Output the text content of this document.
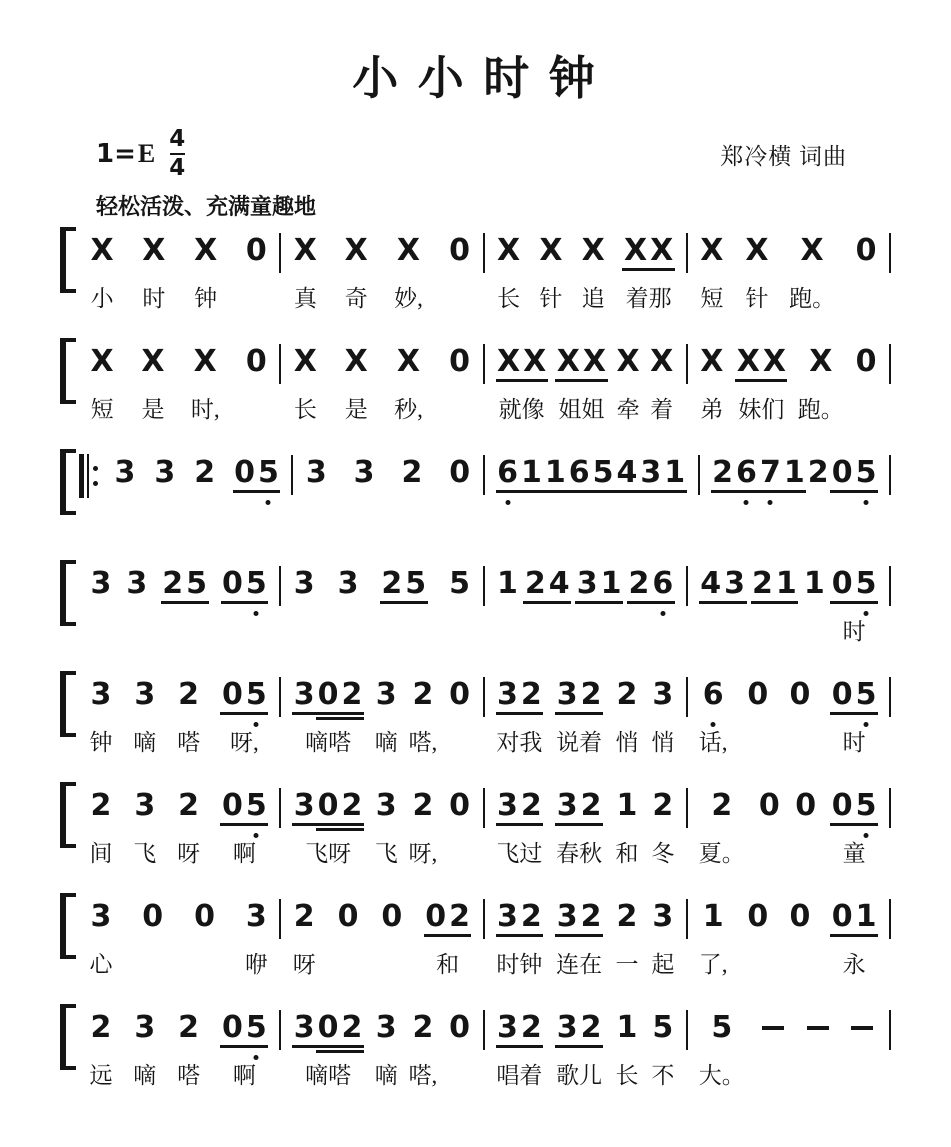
小 小 时 钟
1= E $\frac{4}{4}$	郑冷横 词曲
轻松活泼、充满童趣地
X
小
X
时
X
钟
0 X
真
X
奇
X
妙,
0 X
长
X
针
X
追
X X
着那
X
短
X
针
X
跑。
0
X
短
X
是
X
时,
0 X
长
X
是
X
秒,
0 X X
就像
X X
姐姐
X
牵
X
着
X
弟
X X
妹们
X
跑。
0
3 3 2 0 5 3 3 2 0 6 1 1 6 5 4 3 1 2 6 7 1 2 0 5
3 3 2 5 0 5 3 3 2 5 5 1 2 4 3 1 2 6 4 3 2 1 1 0 5
时
3
钟
3
嘀
2
嗒
0 5
呀,
3 0 2
嘀嗒
3
嘀
2
嗒,
0 3 2
对我
3 2
说着
2
悄
3
悄
6
话,
0 0 0 5
时
2
间
3
飞
2
呀
0 5
啊
3 0 2
飞呀
3
飞
2
呀,
0 3 2
飞过
3 2
春秋
1
和
2
冬
2
夏。
0 0 0 5
童
3
心
0 0 3
咿
2
呀
0 0 0 2
和
3 2
时钟
3 2
连在
2
一
3
起
1
了,
0 0 0 1
永
2
远
3
嘀
2
嗒
0 5
啊
3 0 2
嘀嗒
3
嘀
2
嗒,
0 3 2
唱着
3 2
歌儿
1
长
5
不
5
大。
